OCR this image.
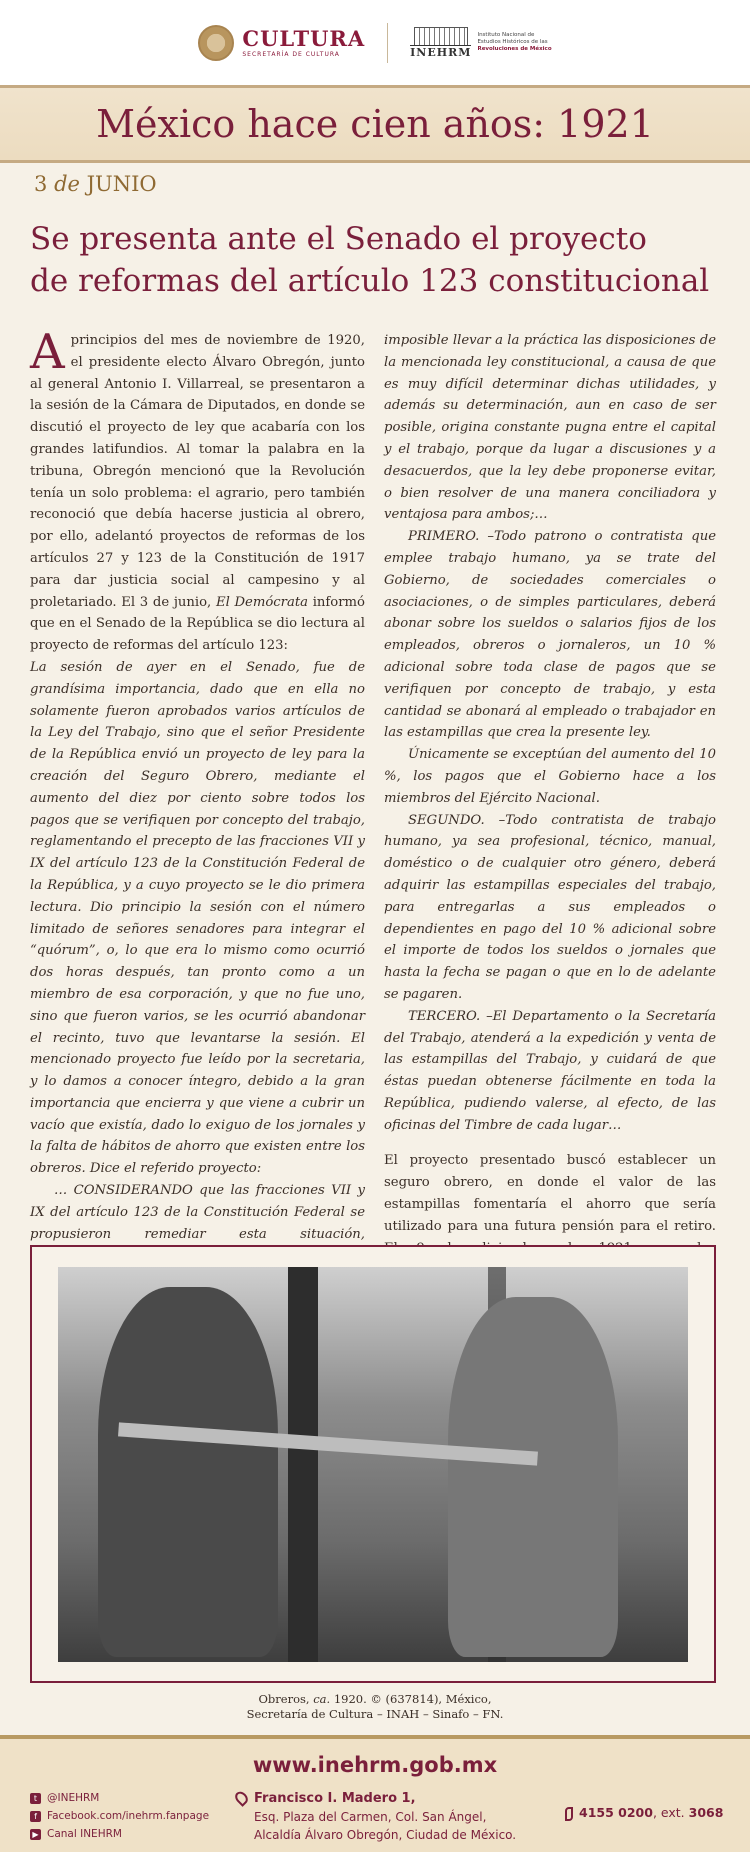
CULTURA
SECRETARÍA DE CULTURA	INEHRM
Instituto Nacional de
Estudios Históricos de las
Revoluciones de México
México hace cien años: 1921
3 de JUNIO
Se presenta ante el Senado el proyecto
de reformas del artículo 123 constitucional

Aprincipios del mes de noviembre de 1920, el presidente electo Álvaro Obregón, junto al general Antonio I. Villarreal, se presentaron a la sesión de la Cámara de Diputados, en donde se discutió el proyecto de ley que acabaría con los grandes latifundios. Al tomar la palabra en la tribuna, Obregón mencionó que la Revolución tenía un solo problema: el agrario, pero también reconoció que debía hacerse justicia al obrero, por ello, adelantó proyectos de reformas de los artículos 27 y 123 de la Constitución de 1917 para dar justicia social al campesino y al proletariado. El 3 de junio, El Demócrata informó que en el Senado de la República se dio lectura al proyecto de reformas del artículo 123:

La sesión de ayer en el Senado, fue de grandísima importancia, dado que en ella no solamente fueron aprobados varios artículos de la Ley del Trabajo, sino que el señor Presidente de la República envió un proyecto de ley para la creación del Seguro Obrero, mediante el aumento del diez por ciento sobre todos los pagos que se verifiquen por concepto del trabajo, reglamentando el precepto de las fracciones VII y IX del artículo 123 de la Constitución Federal de la República, y a cuyo proyecto se le dio primera lectura. Dio principio la sesión con el número limitado de señores senadores para integrar el “quórum”, o, lo que era lo mismo como ocurrió dos horas después, tan pronto como a un miembro de esa corporación, y que no fue uno, sino que fueron varios, se les ocurrió abandonar el recinto, tuvo que levantarse la sesión. El mencionado proyecto fue leído por la secretaria, y lo damos a conocer íntegro, debido a la gran importancia que encierra y que viene a cubrir un vacío que existía, dado lo exiguo de los jornales y la falta de hábitos de ahorro que existen entre los obreros. Dice el referido proyecto:

… CONSIDERANDO que las fracciones VII y IX del artículo 123 de la Constitución Federal se propusieron remediar esta situación,

imposible llevar a la práctica las disposiciones de la mencionada ley constitucional, a causa de que es muy difícil determinar dichas utilidades, y además su determinación, aun en caso de ser posible, origina constante pugna entre el capital y el trabajo, porque da lugar a discusiones y a desacuerdos, que la ley debe proponerse evitar, o bien resolver de una manera conciliadora y ventajosa para ambos;…

PRIMERO. –Todo patrono o contratista que emplee trabajo humano, ya se trate del Gobierno, de sociedades comerciales o asociaciones, o de simples particulares, deberá abonar sobre los sueldos o salarios fijos de los empleados, obreros o jornaleros, un 10 % adicional sobre toda clase de pagos que se verifiquen por concepto de trabajo, y esta cantidad se abonará al empleado o trabajador en las estampillas que crea la presente ley.

Únicamente se exceptúan del aumento del 10 %, los pagos que el Gobierno hace a los miembros del Ejército Nacional.

SEGUNDO. –Todo contratista de trabajo humano, ya sea profesional, técnico, manual, doméstico o de cualquier otro género, deberá adquirir las estampillas especiales del trabajo, para entregarlas a sus empleados o dependientes en pago del 10 % adicional sobre el importe de todos los sueldos o jornales que hasta la fecha se pagan o que en lo de adelante se pagaren.

TERCERO. –El Departamento o la Secretaría del Trabajo, atenderá a la expedición y venta de las estampillas del Trabajo, y cuidará de que éstas puedan obtenerse fácilmente en toda la República, pudiendo valerse, al efecto, de las oficinas del Timbre de cada lugar…

El proyecto presentado buscó establecer un seguro obrero, en donde el valor de las estampillas fomentaría el ahorro que sería utilizado para una futura pensión para el retiro.

Obreros, ca. 1920. © (637814), México,
Secretaría de Cultura – INAH – Sinafo – FN.
www.inehrm.gob.mx
t @INEHRM
f Facebook.com/inehrm.fanpage
▶ Canal INEHRM
Francisco I. Madero 1,
Esq. Plaza del Carmen, Col. San Ángel,
Alcaldía Álvaro Obregón, Ciudad de México.
4155 0200, ext. 3068
